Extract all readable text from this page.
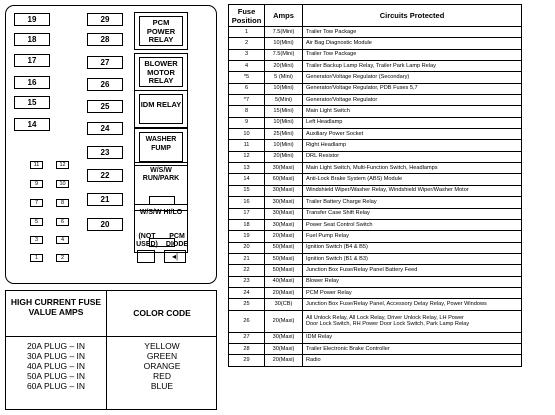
19	29
18	28
17	27
16	26
15	25
14	24
23
22
21
20
11	12
9	10
7	8
5	6
3	4
1	2
PCM POWER RELAY
BLOWER MOTOR RELAY
IDM RELAY
WASHER FUMP
W/S/W RUN/PARK
W/S/W HI/LO
(NOT USED)
PCM DIODE
◂|
HIGH CURRENT FUSE VALUE AMPS	COLOR CODE
20A PLUG – IN	YELLOW
30A PLUG – IN	GREEN
40A PLUG – IN	ORANGE
50A PLUG – IN	RED
60A PLUG – IN	BLUE
Fuse Position	Amps	Circuits Protected
1	7.5(Mini)	Trailer Tow Package
2	10(Mini)	Air Bag Diagnostic Module
3	7.5(Mini)	Trailer Tow Package
4	20(Mini)	Trailer Backup Lamp Relay, Trailer Park Lamp Relay
*5	5 (Mini)	Generator/Voltage Regulator (Secondary)
6	10(Mini)	Generator/Voltage Regulator, PDB Fuses 5,7
*7	5(Mini)	Generator/Voltage Regulator
8	15(Mini)	Main Light Switch
9	10(Mini)	Left Headlamp
10	25(Mini)	Auxiliary Power Socket
11	10(Mini)	Right Headlamp
12	20(Mini)	DRL Resistor
13	30(Maxi)	Main Light Switch, Multi-Function Switch, Headlamps
14	60(Maxi)	Anti-Lock Brake System (ABS) Module
15	30(Maxi)	Windshield Wiper/Washer Relay, Windshield Wiper/Washer Motor
16	30(Maxi)	Trailer Battery Charge Relay
17	30(Maxi)	Transfer Case Shift Relay
18	30(Maxi)	Power Seat Control Switch
19	20(Maxi)	Fuel Pump Relay
20	50(Maxi)	Ignition Switch (B4 & B5)
21	50(Maxi)	Ignition Switch (B1 & B3)
22	50(Maxi)	Junction Box Fuse/Relay Panel Battery Feed
23	40(Maxi)	Blower Relay
24	20(Maxi)	PCM Power Relay
25	30(CB)	Junction Box Fuse/Relay Panel, Accessory Delay Relay, Power Windows
26	20(Maxi)	All Unlock Relay, All Lock Relay, Driver Unlock Relay, LH Power
Door Lock Switch, RH Power Door Lock Switch, Park Lamp Relay

27	30(Maxi)	IDM Relay
28	30(Maxi)	Trailer Electronic Brake Controller
29	20(Maxi)	Radio
